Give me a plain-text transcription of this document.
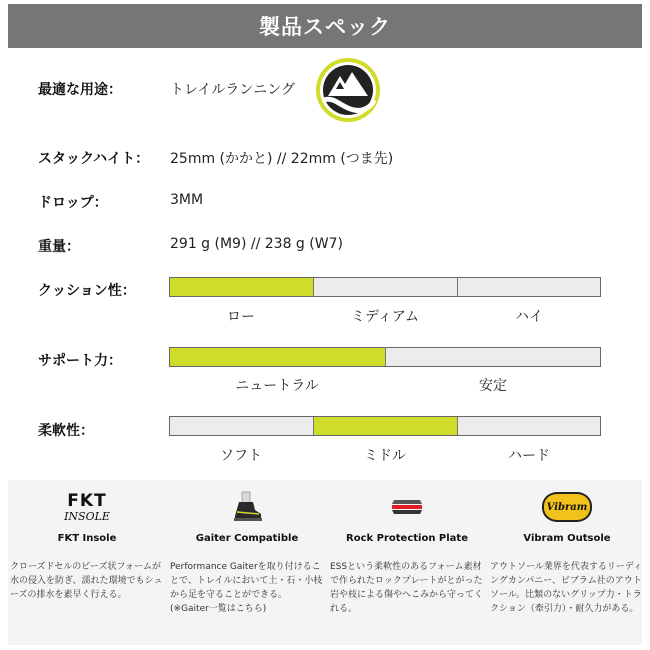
製品スペック
最適な用途：	トレイルランニング
スタックハイト： 25mm (かかと) // 22mm (つま先)
ドロップ：	3MM
重量：	291 g (M9) // 238 g (W7)
クッション性：
ロー	ミディアム	ハイ
サポート力：
ニュートラル	安定
柔軟性：
ソフト	ミドル	ハード
FKT
INSOLE
FKT Insole
クローズドセルのビーズ状フォームが水の侵入を防ぎ、濡れた環境でもシューズの排水を素早く行える。
Gaiter Compatible
Performance Gaiterを取り付けることで、トレイルにおいて土・石・小枝から足を守ることができる。(※Gaiter一覧はこちら)
Rock Protection Plate
ESSという柔軟性のあるフォーム素材で作られたロックプレートがとがった岩や枝による傷やへこみから守ってくれる。
Vibram
Vibram Outsole
アウトソール業界を代表するリーディングカンパニー、ビブラム社のアウトソール。比類のないグリップ力・トラクション（牽引力）・耐久力がある。
